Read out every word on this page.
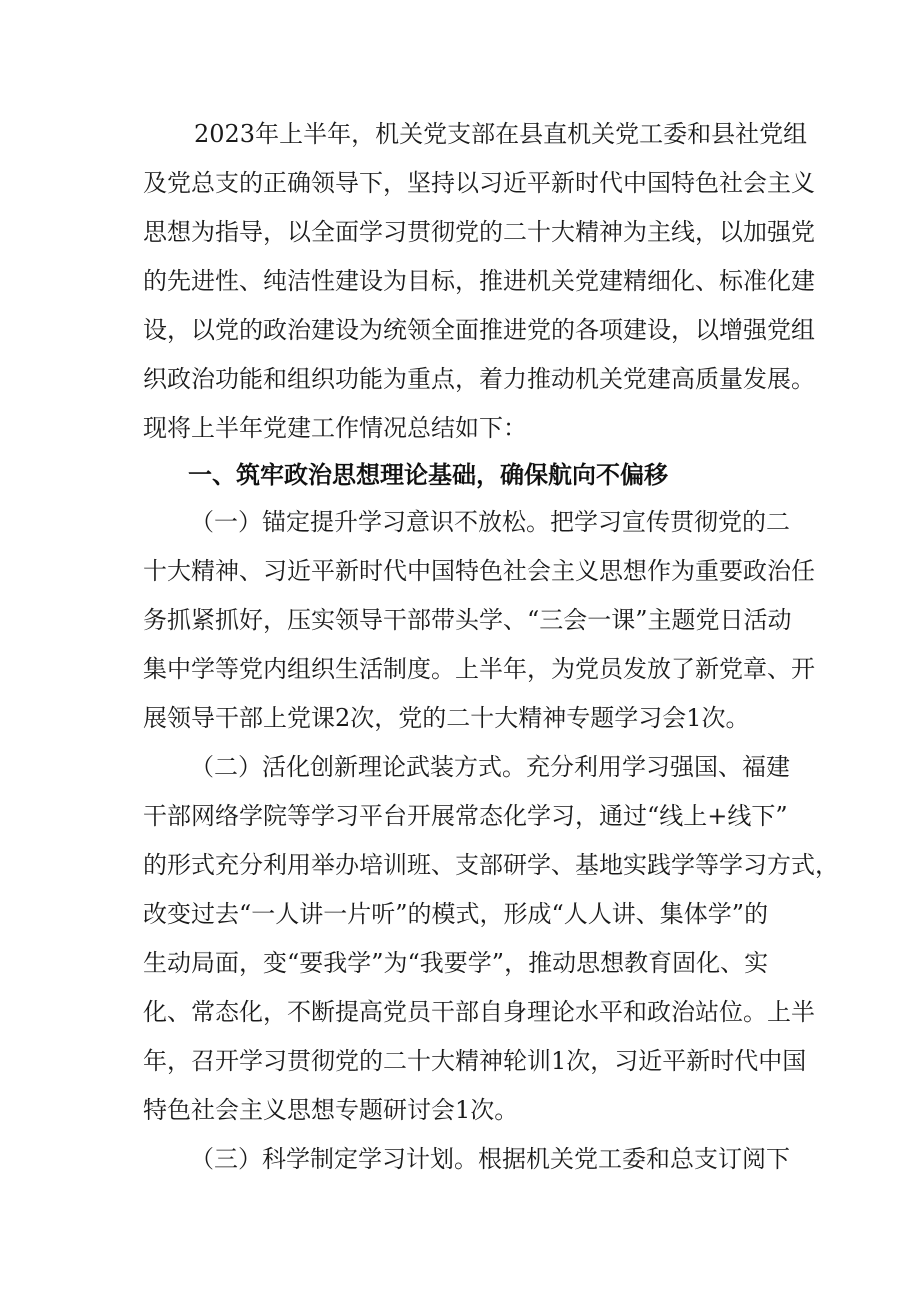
2023年上半年，机关党支部在县直机关党工委和县社党组

及党总支的正确领导下，坚持以习近平新时代中国特色社会主义

思想为指导，以全面学习贯彻党的二十大精神为主线，以加强党

的先进性、纯洁性建设为目标，推进机关党建精细化、标准化建

设，以党的政治建设为统领全面推进党的各项建设，以增强党组

织政治功能和组织功能为重点，着力推动机关党建高质量发展。

现将上半年党建工作情况总结如下：

一、筑牢政治思想理论基础，确保航向不偏移

（一）锚定提升学习意识不放松。把学习宣传贯彻党的二

十大精神、习近平新时代中国特色社会主义思想作为重要政治任

务抓紧抓好，压实领导干部带头学、“三会一课”主题党日活动

集中学等党内组织生活制度。上半年，为党员发放了新党章、开

展领导干部上党课2次，党的二十大精神专题学习会1次。

（二）活化创新理论武装方式。充分利用学习强国、福建

干部网络学院等学习平台开展常态化学习，通过“线上+线下”

的形式充分利用举办培训班、支部研学、基地实践学等学习方式，

改变过去“一人讲一片听”的模式，形成“人人讲、集体学”的

生动局面，变“要我学”为“我要学”，推动思想教育固化、实

化、常态化，不断提高党员干部自身理论水平和政治站位。上半

年，召开学习贯彻党的二十大精神轮训1次，习近平新时代中国

特色社会主义思想专题研讨会1次。

（三）科学制定学习计划。根据机关党工委和总支订阅下
